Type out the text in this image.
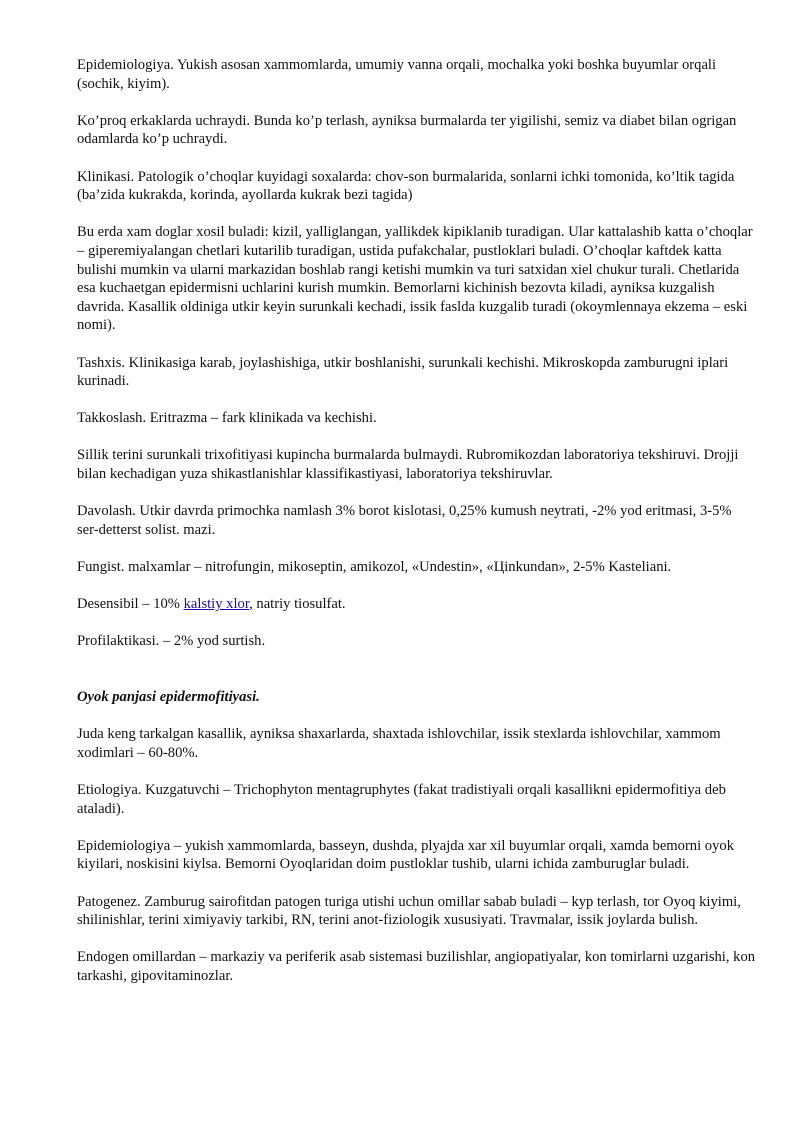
Epidemiologiya. Yukish asosan xammomlarda, umumiy vanna orqali, mochalka yoki boshka buyumlar orqali (sochik, kiyim).

Ko’proq erkaklarda uchraydi. Bunda ko’p terlash, ayniksa burmalarda ter yigilishi, semiz va diabet bilan ogrigan odamlarda ko’p uchraydi.

Klinikasi. Patologik o’choqlar kuyidagi soxalarda: chov-son burmalarida, sonlarni ichki tomonida, ko’ltik tagida (ba’zida kukrakda, korinda, ayollarda kukrak bezi tagida)

Bu erda xam doglar xosil buladi: kizil, yalliglangan, yallikdek kipiklanib turadigan. Ular kattalashib katta o’choqlar – giperemiyalangan chetlari kutarilib turadigan, ustida pufakchalar, pustloklari buladi. O’choqlar kaftdek katta bulishi mumkin va ularni markazidan boshlab rangi ketishi mumkin va turi satxidan xiel chukur turali. Chetlarida esa kuchaetgan epidermisni uchlarini kurish mumkin. Bemorlarni kichinish bezovta kiladi, ayniksa kuzgalish davrida. Kasallik oldiniga utkir keyin surunkali kechadi, issik faslda kuzgalib turadi (okoymlennaya ekzema – eski nomi).

Tashxis. Klinikasiga karab, joylashishiga, utkir boshlanishi, surunkali kechishi. Mikroskopda zamburugni iplari kurinadi.

Takkoslash. Eritrazma – fark klinikada va kechishi.

Sillik terini surunkali trixofitiyasi kupincha burmalarda bulmaydi. Rubromikozdan laboratoriya tekshiruvi. Drojji bilan kechadigan yuza shikastlanishlar klassifikastiyasi, laboratoriya tekshiruvlar.

Davolash. Utkir davrda primochka namlash 3% borot kislotasi, 0,25% kumush neytrati, -2% yod eritmasi, 3-5% ser-detterst solist. mazi.

Fungist. malxamlar – nitrofungin, mikoseptin, amikozol, «Undestin», «Цinkundan», 2-5% Kasteliani.

Desensibil – 10% kalstiy xlor, natriy tiosulfat.

Profilaktikasi. – 2% yod surtish.

Oyok panjasi epidermofitiyasi.

Juda keng tarkalgan kasallik, ayniksa shaxarlarda, shaxtada ishlovchilar, issik stexlarda ishlovchilar, xammom xodimlari – 60-80%.

Etiologiya. Kuzgatuvchi – Trichophyton mentagruphytes (fakat tradistiyali orqali kasallikni epidermofitiya deb ataladi).

Epidemiologiya – yukish xammomlarda, basseyn, dushda, plyajda xar xil buyumlar orqali, xamda bemorni oyok kiyilari, noskisini kiylsa. Bemorni Oyoqlaridan doim pustloklar tushib, ularni ichida zamburuglar buladi.

Patogenez. Zamburug sairofitdan patogen turiga utishi uchun omillar sabab buladi – kyp terlash, tor Oyoq kiyimi, shilinishlar, terini ximiyaviy tarkibi, RN, terini anot-fiziologik xususiyati. Travmalar, issik joylarda bulish.

Endogen omillardan – markaziy va periferik asab sistemasi buzilishlar, angiopatiyalar, kon tomirlarni uzgarishi, kon tarkashi, gipovitaminozlar.
